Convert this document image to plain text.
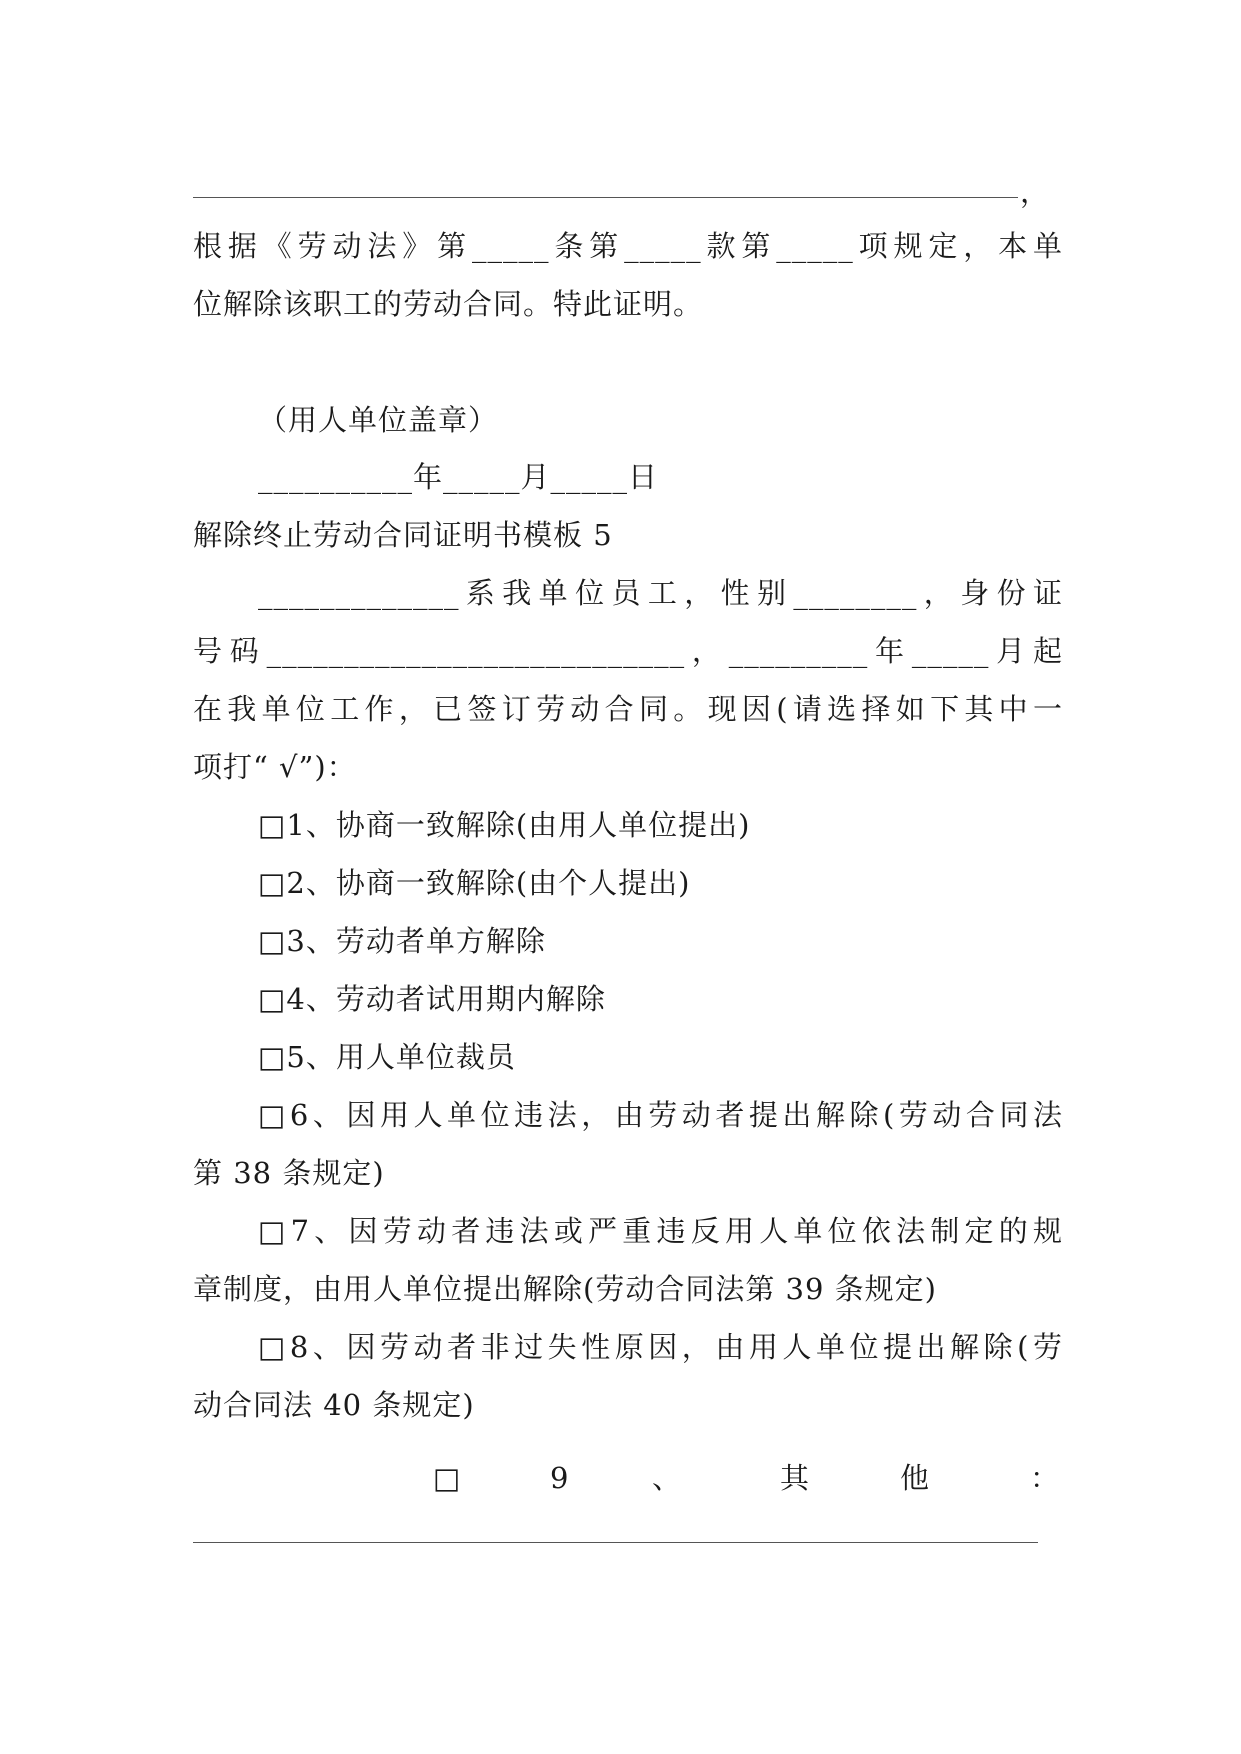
，
根据《劳动法》第_____条第_____款第_____项规定，本单
位解除该职工的劳动合同。特此证明。
（用人单位盖章）
__________年_____月_____日
解除终止劳动合同证明书模板 5
_____________系我单位员工，性别________，身份证
号码___________________________，_________年_____月起
在我单位工作，已签订劳动合同。现因(请选择如下其中一
项打“ √”)：
□1、协商一致解除(由用人单位提出)
□2、协商一致解除(由个人提出)
□3、劳动者单方解除
□4、劳动者试用期内解除
□5、用人单位裁员
□6、因用人单位违法，由劳动者提出解除(劳动合同法
第 38 条规定)
□7、因劳动者违法或严重违反用人单位依法制定的规
章制度，由用人单位提出解除(劳动合同法第 39 条规定)
□8、因劳动者非过失性原因，由用人单位提出解除(劳
动合同法 40 条规定)
□	9	、	其	他	：
